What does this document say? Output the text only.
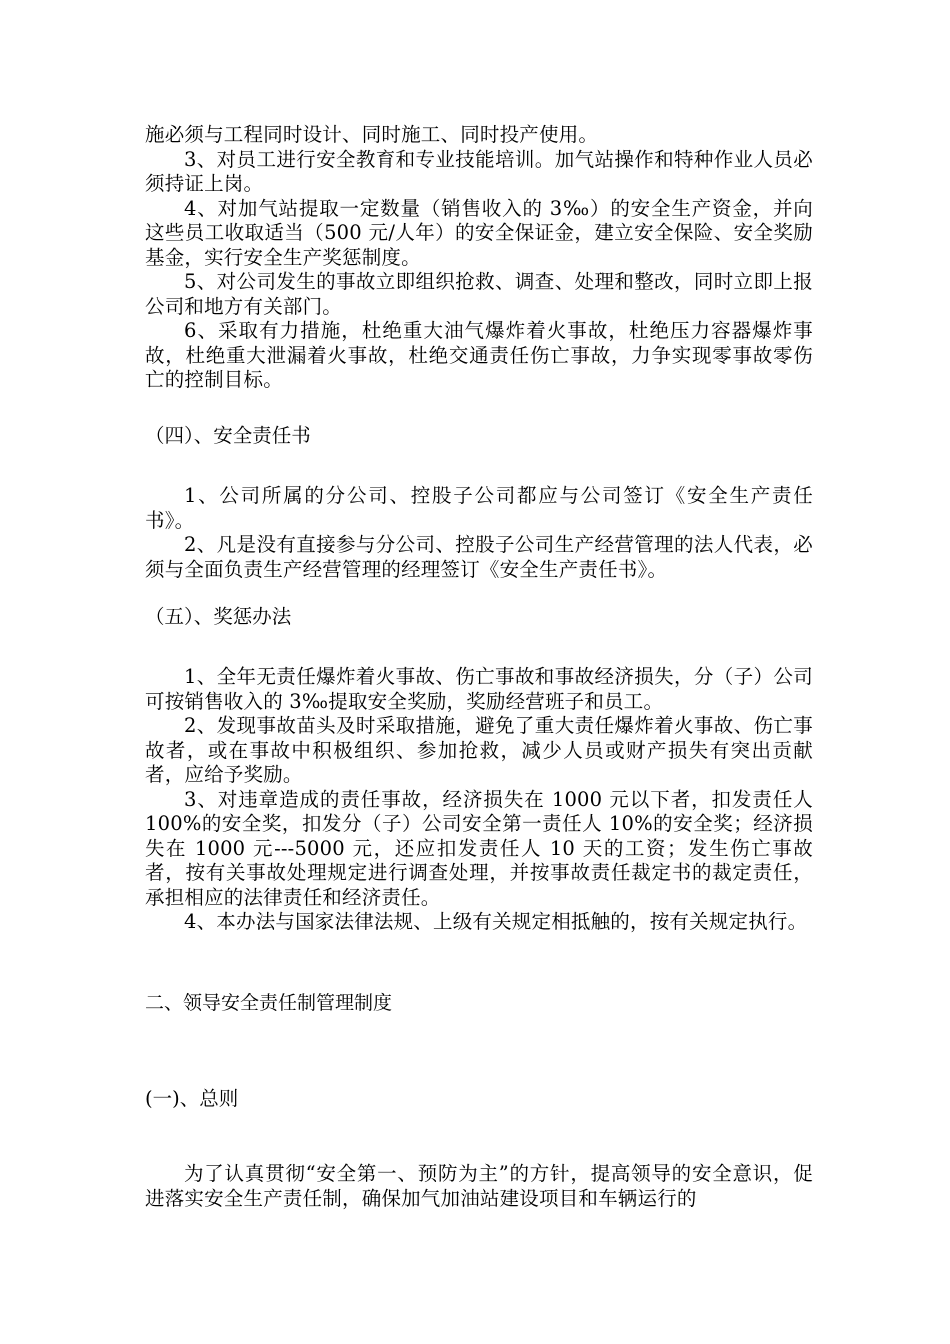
施必须与工程同时设计、同时施工、同时投产使用。

3、对员工进行安全教育和专业技能培训。加气站操作和特种作业人员必须持证上岗。

4、对加气站提取一定数量（销售收入的 3‰）的安全生产资金，并向这些员工收取适当（500 元/人年）的安全保证金，建立安全保险、安全奖励基金，实行安全生产奖惩制度。

5、对公司发生的事故立即组织抢救、调查、处理和整改，同时立即上报公司和地方有关部门。

6、采取有力措施，杜绝重大油气爆炸着火事故，杜绝压力容器爆炸事故，杜绝重大泄漏着火事故，杜绝交通责任伤亡事故，力争实现零事故零伤亡的控制目标。

（四）、安全责任书

1、公司所属的分公司、控股子公司都应与公司签订《安全生产责任书》。

2、凡是没有直接参与分公司、控股子公司生产经营管理的法人代表，必须与全面负责生产经营管理的经理签订《安全生产责任书》。

（五）、奖惩办法

1、全年无责任爆炸着火事故、伤亡事故和事故经济损失，分（子）公司可按销售收入的 3‰提取安全奖励，奖励经营班子和员工。

2、发现事故苗头及时采取措施，避免了重大责任爆炸着火事故、伤亡事故者，或在事故中积极组织、参加抢救，减少人员或财产损失有突出贡献者，应给予奖励。

3、对违章造成的责任事故，经济损失在 1000 元以下者，扣发责任人 100%的安全奖，扣发分（子）公司安全第一责任人 10%的安全奖；经济损失在 1000 元---5000 元，还应扣发责任人 10 天的工资；发生伤亡事故者，按有关事故处理规定进行调查处理，并按事故责任裁定书的裁定责任，承担相应的法律责任和经济责任。

4、本办法与国家法律法规、上级有关规定相抵触的，按有关规定执行。

二、领导安全责任制管理制度

(一)、总则

为了认真贯彻“安全第一、预防为主”的方针，提高领导的安全意识，促进落实安全生产责任制，确保加气加油站建设项目和车辆运行的
